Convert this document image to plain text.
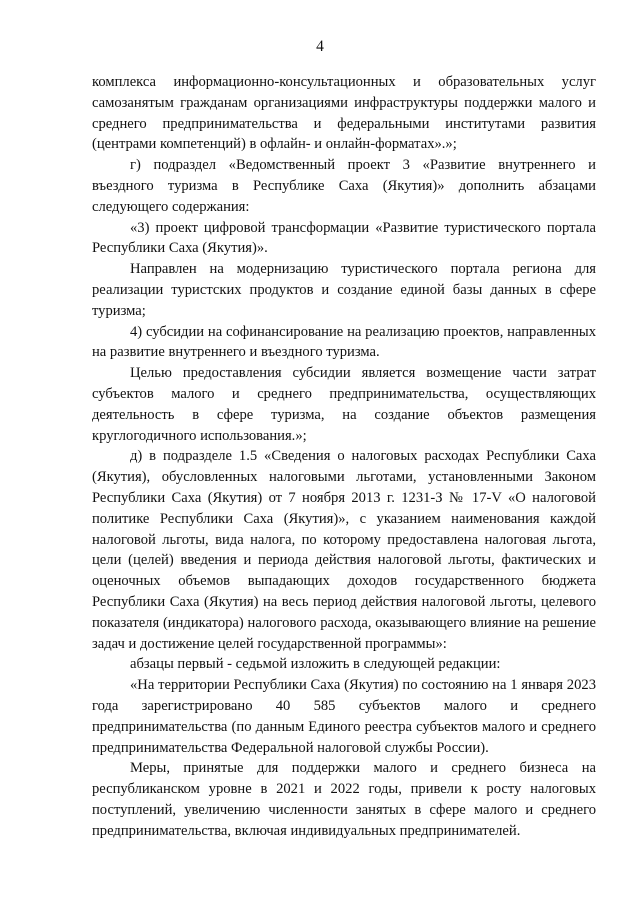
4

комплекса информационно-консультационных и образовательных услуг самозанятым гражданам организациями инфраструктуры поддержки малого и среднего предпринимательства и федеральными институтами развития (центрами компетенций) в офлайн- и онлайн-форматах».»;

г) подраздел «Ведомственный проект 3 «Развитие внутреннего и въездного туризма в Республике Саха (Якутия)» дополнить абзацами следующего содержания:

«3) проект цифровой трансформации «Развитие туристического портала Республики Саха (Якутия)».

Направлен на модернизацию туристического портала региона для реализации туристских продуктов и создание единой базы данных в сфере туризма;

4) субсидии на софинансирование на реализацию проектов, направленных на развитие внутреннего и въездного туризма.

Целью предоставления субсидии является возмещение части затрат субъектов малого и среднего предпринимательства, осуществляющих деятельность в сфере туризма, на создание объектов размещения круглогодичного использования.»;

д) в подразделе 1.5 «Сведения о налоговых расходах Республики Саха (Якутия), обусловленных налоговыми льготами, установленными Законом Республики Саха (Якутия) от 7 ноября 2013 г. 1231-З № 17-V «О налоговой политике Республики Саха (Якутия)», с указанием наименования каждой налоговой льготы, вида налога, по которому предоставлена налоговая льгота, цели (целей) введения и периода действия налоговой льготы, фактических и оценочных объемов выпадающих доходов государственного бюджета Республики Саха (Якутия) на весь период действия налоговой льготы, целевого показателя (индикатора) налогового расхода, оказывающего влияние на решение задач и достижение целей государственной программы»:

абзацы первый - седьмой изложить в следующей редакции:

«На территории Республики Саха (Якутия) по состоянию на 1 января 2023 года зарегистрировано 40 585 субъектов малого и среднего предпринимательства (по данным Единого реестра субъектов малого и среднего предпринимательства Федеральной налоговой службы России).

Меры, принятые для поддержки малого и среднего бизнеса на республиканском уровне в 2021 и 2022 годы, привели к росту налоговых поступлений, увеличению численности занятых в сфере малого и среднего предпринимательства, включая индивидуальных предпринимателей.
